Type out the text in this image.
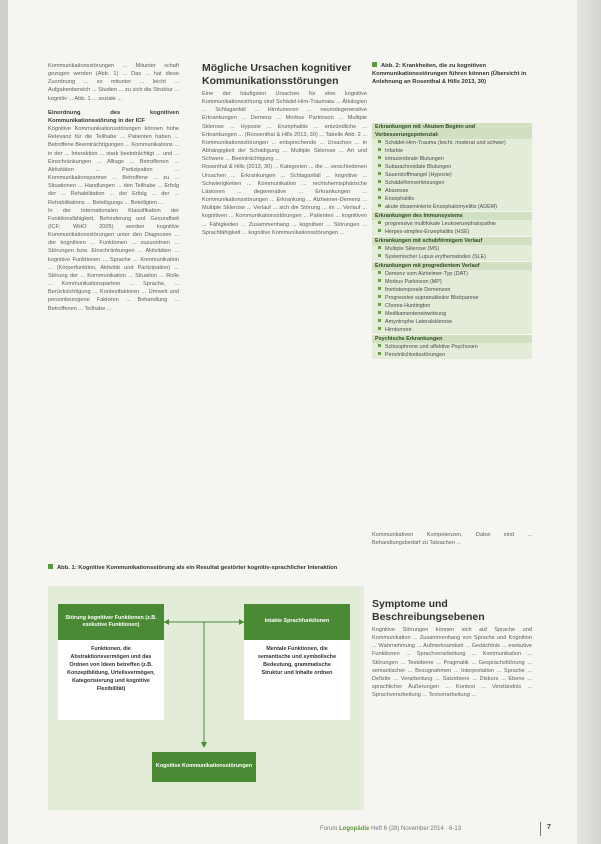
Kommunikationsstörungen ... Mitunter schaft gezogen werden (Abb. 1) ... Das ... hat diese Zuordnung ... so mitunter ... leicht ... Aufgabenbereich ... Studien ... zu sich die Struktur ... kognitiv ... Abb. 1 ... soziale ...

Einordnung des kognitiven Kommunikationsstörung in der ICF

Kognitive Kommunikationsstörungen können hohe Relevanz für die Teilhabe ... Patienten haben ... Betroffene Beeinträchtigungen ... Kommunikations ... in der ... Interaktion ... stark beeinträchtigt ... und ... Einschränkungen ... Alltags ... Betroffenen ... Aktivitäten ... Partizipation ... Kommunikationspartner ... Betroffene ... zu ... Situationen ... Handlungen ... den Teilhabe ... Erfolg der ... Rehabilitation ... der Erfolg ... der ... Rehabilitations ... Beteiligungs ... Beteiligten ...

In der Internationalen Klassifikation der Funktionsfähigkeit, Behinderung und Gesundheit (ICF; WHO 2005) werden kognitive Kommunikationsstörungen unter den Diagnosen ... der kognitiven ... Funktionen ... zuzuordnen ... Störungen bzw. Einschränkungen ... Aktivitäten ... kognitive Funktionen ... Sprache ... Kommunikation ... (Körperfunktion, Aktivität und Partizipation) ... Störung der ... Kommunikation ... Situation ... Rolle ... Kommunikationspartner ... Sprache, ... Berücksichtigung ... Kontextfaktoren ... Umwelt und personbezogene Faktoren ... Behandlung ... Betroffenen ... Teilhabe ...

Mögliche Ursachen kognitiver Kommunikationsstörungen

Eine der häufigsten Ursachen für eine kognitive Kommunikationsstörung sind Schädel-Hirn-Traumata ... Ätiologien ... Schlaganfall ... Hirntumoren ... neurodegenerative Erkrankungen ... Demenz ... Morbus Parkinson ... Multiple Sklerose ... Hypoxie ... Enzephalitis ... entzündliche ... Erkrankungen ... (Roosenthal & Hills 2013, 30) ... Tabelle Abb. 2 ... Kommunikationsstörungen ... entsprechende ... Ursachen ... in Abhängigkeit der Schädigung ... Multiple Sklerose ... Art und Schwere ... Beeinträchtigung ...

Rosenthal & Hills (2013, 30) ... Kategorien ... die ... verschiedenen Ursachen ... Erkrankungen ... Schlaganfall ... kognitive ... Schwierigkeiten ... Kommunikation ... rechtshemisphärische Läsionen ... degenerative ... Erkrankungen ... Kommunikationsstörungen ... Erkrankung ... Alzheimer-Demenz ... Multiple Sklerose ... Verlauf ... sich die Störung ... im ... Verlauf ... kognitiven ... Kommunikationsstörungen ... Patienten ... kognitiven ... Fähigkeiten ... Zusammenhang ... kognitiver ... Störungen ... Sprachfähigkeit ... kognitive Kommunikationsstörungen ...

Abb. 2: Krankheiten, die zu kognitiven Kommunikationsstörungen führen können (Übersicht in Anlehnung an Rosenthal & Hills 2013, 30)

Erkrankungen mit ›Akutem Beginn und Verbesserungspotenzial‹
Schädel-Hirn-Trauma (leicht, moderat und schwer)
Infarkte
intrazerebrale Blutungen
Subarachnoidale Blutungen
Sauerstoffmangel (Hypoxie)
Schädelhirnverletzungen
Abszesse
Enzephalitis
akute disseminierte Enzephalomyelitis (ADEM)
Erkrankungen des Immunsystems
progressive multifokale Leukoenzephalopathie
Herpes-simplex-Enzephalitis (HSE)
Erkrankungen mit schubförmigem Verlauf
Multiple Sklerose (MS)
Systemischer Lupus erythematodes (SLE)
Erkrankungen mit progredientem Verlauf
Demenz vom Alzheimer-Typ (DAT)
Morbus Parkinson (MP)
frontotemporale Demenzen
Progressive supranukleäre Blickparese
Chorea Huntington
Medikamenteneinwirkung
Amyotrophe Lateralsklerose
Hirntumore
Psychische Erkrankungen
Schizophrene und affektive Psychosen
Persönlichkeitsstörungen

Kommunikativen Kompetenzen, Dabei sind ... Behandlungsbedarf zu Tatsachen ...

Symptome und Beschreibungsebenen

Kognitive Störungen können sich auf Sprache und Kommunikation ... Zusammenhang von Sprache und Kognition ... Wahrnehmung ... Aufmerksamkeit ... Gedächtnis ... exekutive Funktionen ... Sprachverarbeitung ... Kommunikation ... Störungen ... Textebene ... Pragmatik ... Gesprächsführung ... semantischer ... Bezugnahmen ... Interpretation ... Sprache ... Defizite ... Verarbeitung ... Satzebene ... Diskurs ... Ebene ... sprachlicher Äußerungen ... Kontext ... Verständnis ... Sprachverarbeitung ... Textverarbeitung ...

Abb. 1: Kognitive Kommunikationsstörung als ein Resultat gestörter kognitiv-sprachlicher Interaktion
Störung kognitiver Funktionen (z.B. exekutive Funktionen)
Intakte Sprachfunktionen
Funktionen, die Abstraktionsvermögen und das Ordnen von Ideen betreffen (z.B. Konzeptbildung, Urteilsvermögen, Kategorisierung und kognitive Flexibilität)
Mentale Funktionen, die semantische und symbolische Bedeutung, grammatische Struktur und Inhalte ordnen
Kognitive Kommunikationsstörungen
Forum Logopädie Heft 6 (28) November 2014 · 6-13	7
